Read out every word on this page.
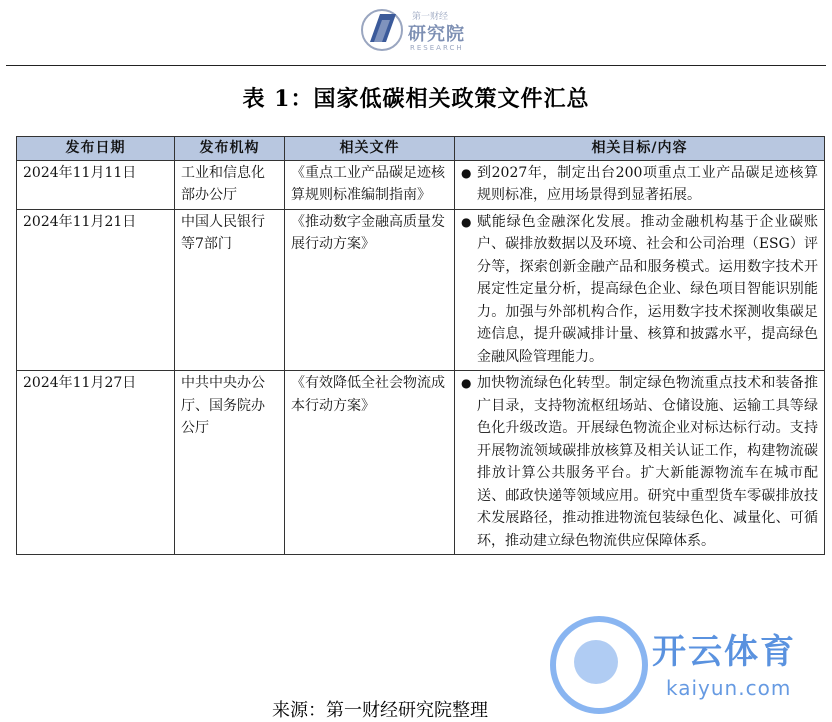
第一财经
研究院
RESEARCH
表 1：国家低碳相关政策文件汇总
发布日期	发布机构	相关文件	相关目标/内容
2024年11月11日	工业和信息化部办公厅	《重点工业产品碳足迹核算规则标准编制指南》	● 到2027年，制定出台200项重点工业产品碳足迹核算规则标准，应用场景得到显著拓展。

2024年11月21日	中国人民银行等7部门	《推动数字金融高质量发展行动方案》	● 赋能绿色金融深化发展。推动金融机构基于企业碳账户、碳排放数据以及环境、社会和公司治理（ESG）评分等，探索创新金融产品和服务模式。运用数字技术开展定性定量分析，提高绿色企业、绿色项目智能识别能力。加强与外部机构合作，运用数字技术探测收集碳足迹信息，提升碳减排计量、核算和披露水平，提高绿色金融风险管理能力。

2024年11月27日	中共中央办公厅、国务院办公厅	《有效降低全社会物流成本行动方案》	● 加快物流绿色化转型。制定绿色物流重点技术和装备推广目录，支持物流枢纽场站、仓储设施、运输工具等绿色化升级改造。开展绿色物流企业对标达标行动。支持开展物流领域碳排放核算及相关认证工作，构建物流碳排放计算公共服务平台。扩大新能源物流车在城市配送、邮政快递等领域应用。研究中重型货车零碳排放技术发展路径，推动推进物流包装绿色化、减量化、可循环，推动建立绿色物流供应保障体系。
来源：第一财经研究院整理
开云体育
kaiyun.com
